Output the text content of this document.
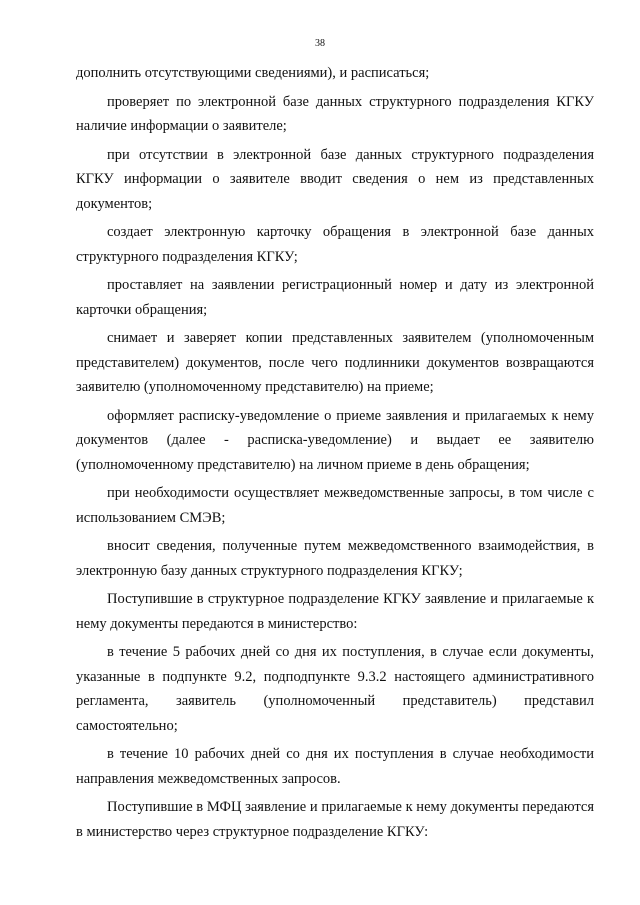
38

дополнить отсутствующими сведениями), и расписаться;

проверяет по электронной базе данных структурного подразделения КГКУ наличие информации о заявителе;

при отсутствии в электронной базе данных структурного подразделения КГКУ информации о заявителе вводит сведения о нем из представленных документов;

создает электронную карточку обращения в электронной базе данных структурного подразделения КГКУ;

проставляет на заявлении регистрационный номер и дату из электронной карточки обращения;

снимает и заверяет копии представленных заявителем (уполномоченным представителем) документов, после чего подлинники документов возвращаются заявителю (уполномоченному представителю) на приеме;

оформляет расписку-уведомление о приеме заявления и прилагаемых к нему документов (далее - расписка-уведомление) и выдает ее заявителю (уполномоченному представителю) на личном приеме в день обращения;

при необходимости осуществляет межведомственные запросы, в том числе с использованием СМЭВ;

вносит сведения, полученные путем межведомственного взаимодействия, в электронную базу данных структурного подразделения КГКУ;

Поступившие в структурное подразделение КГКУ заявление и прилагаемые к нему документы передаются в министерство:

в течение 5 рабочих дней со дня их поступления, в случае если документы, указанные в подпункте 9.2, подподпункте 9.3.2 настоящего административного регламента, заявитель (уполномоченный представитель) представил самостоятельно;

в течение 10 рабочих дней со дня их поступления в случае необходимости направления межведомственных запросов.

Поступившие в МФЦ заявление и прилагаемые к нему документы передаются в министерство через структурное подразделение КГКУ:
